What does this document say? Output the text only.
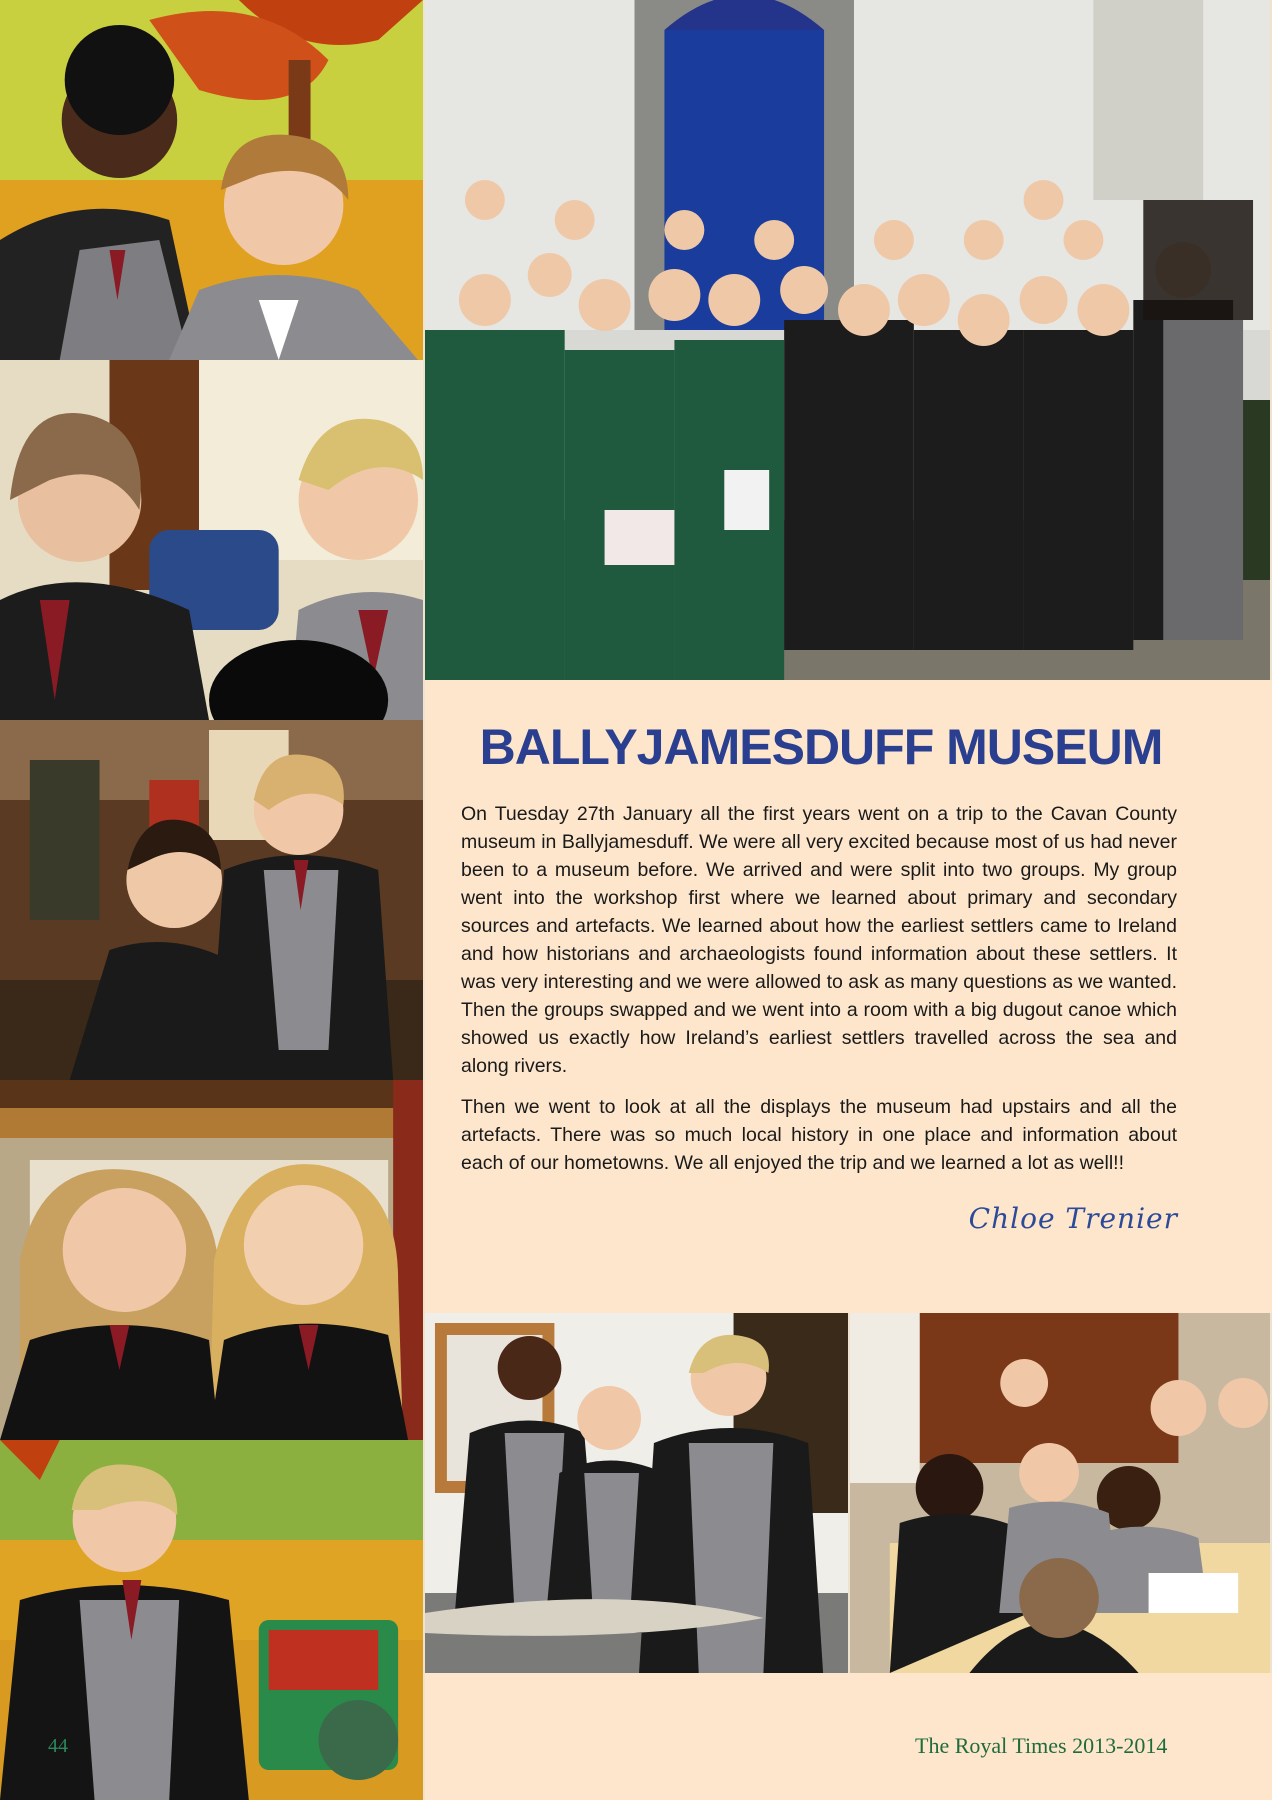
BALLYJAMESDUFF MUSEUM

On Tuesday 27th January all the first years went on a trip to the Cavan County museum in Ballyjamesduff. We were all very excited because most of us had never been to a museum before. We arrived and were split into two groups. My group went into the workshop first where we learned about primary and secondary sources and artefacts. We learned about how the earliest settlers came to Ireland and how historians and archaeologists found information about these settlers. It was very interesting and we were allowed to ask as many questions as we wanted. Then the groups swapped and we went into a room with a big dugout canoe which showed us exactly how Ireland’s earliest settlers travelled across the sea and along rivers.

Then we went to look at all the displays the museum had upstairs and all the artefacts. There was so much local history in one place and information about each of our hometowns. We all enjoyed the trip and we learned a lot as well!!

Chloe Trenier
44	The Royal Times 2013-2014
